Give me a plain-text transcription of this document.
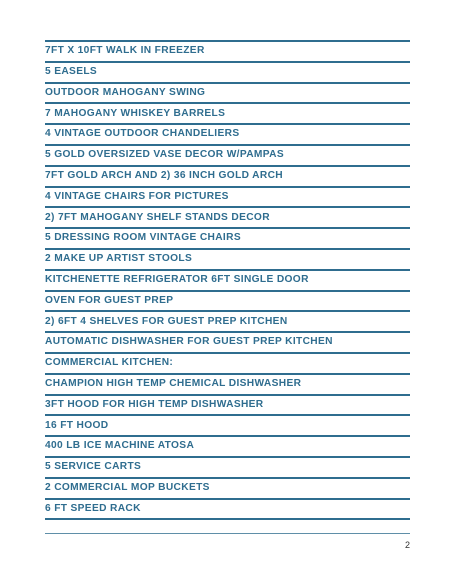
7FT X 10FT WALK IN FREEZER
5 EASELS
OUTDOOR MAHOGANY SWING
7 MAHOGANY WHISKEY BARRELS
4 VINTAGE OUTDOOR CHANDELIERS
5 GOLD OVERSIZED VASE DECOR W/PAMPAS
7FT GOLD ARCH AND 2) 36 INCH GOLD ARCH
4 VINTAGE CHAIRS FOR PICTURES
2) 7FT MAHOGANY SHELF STANDS DECOR
5 DRESSING ROOM VINTAGE CHAIRS
2 MAKE UP ARTIST STOOLS
KITCHENETTE REFRIGERATOR 6FT SINGLE DOOR
OVEN FOR GUEST PREP
2) 6FT 4 SHELVES FOR GUEST PREP KITCHEN
AUTOMATIC DISHWASHER FOR GUEST PREP KITCHEN
COMMERCIAL KITCHEN:
CHAMPION HIGH TEMP CHEMICAL DISHWASHER
3FT HOOD FOR HIGH TEMP DISHWASHER
16 FT HOOD
400 LB ICE MACHINE ATOSA
5 SERVICE CARTS
2 COMMERCIAL MOP BUCKETS
6 FT SPEED RACK
2
